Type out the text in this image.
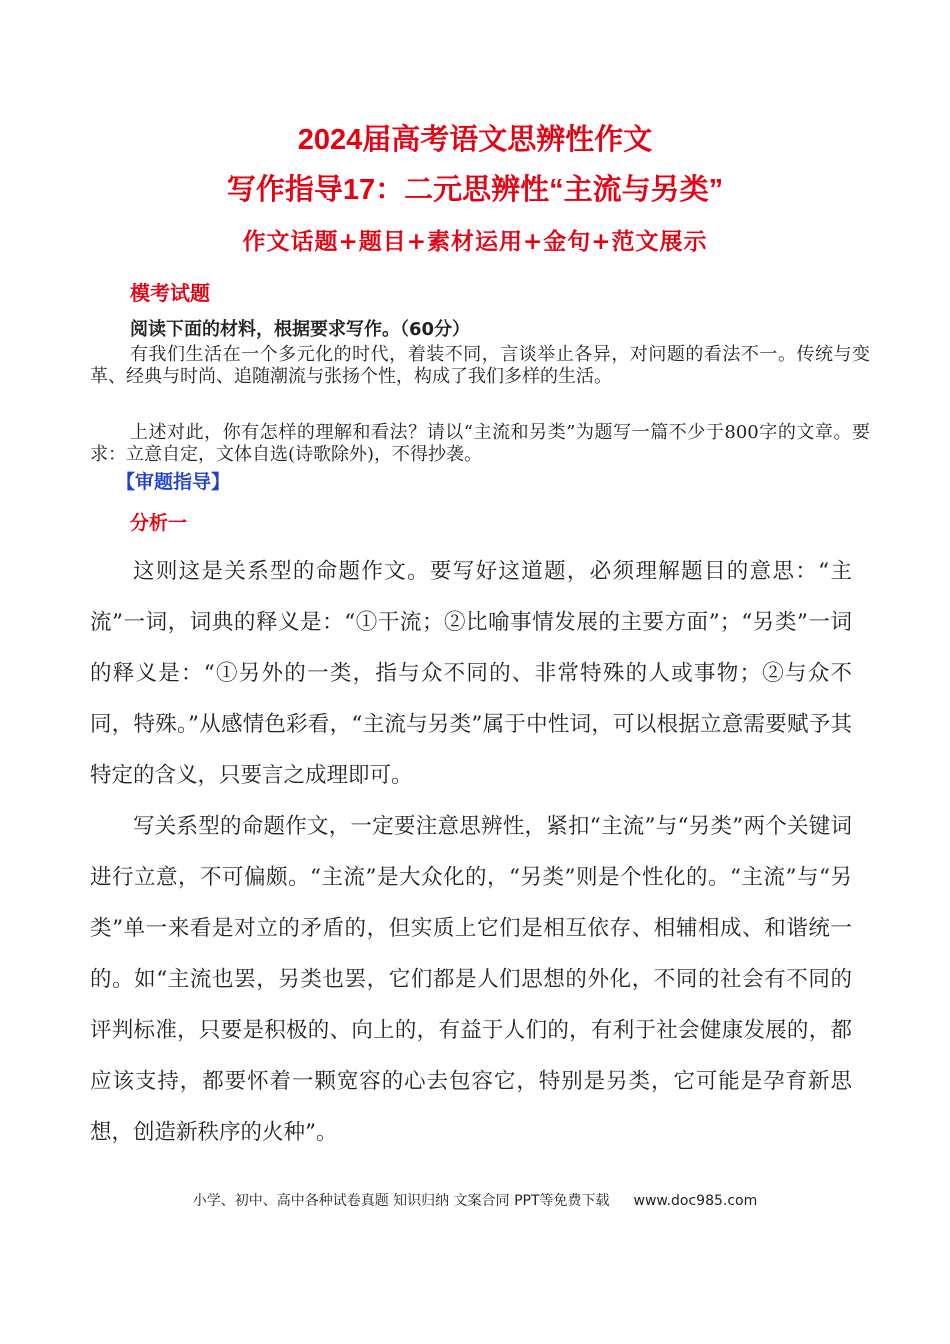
2024届高考语文思辨性作文
写作指导17：二元思辨性“主流与另类”
作文话题+题目+素材运用+金句+范文展示
模考试题
阅读下面的材料，根据要求写作。（60分）

有我们生活在一个多元化的时代，着装不同，言谈举止各异，对问题的看法不一。传统与变革、经典与时尚、追随潮流与张扬个性，构成了我们多样的生活。

上述对此，你有怎样的理解和看法？请以“主流和另类”为题写一篇不少于800字的文章。要求：立意自定，文体自选(诗歌除外)，不得抄袭。

【审题指导】
分析一

这则这是关系型的命题作文。要写好这道题，必须理解题目的意思：“主流”一词，词典的释义是：“①干流；②比喻事情发展的主要方面”；“另类”一词的释义是：“①另外的一类，指与众不同的、非常特殊的人或事物；②与众不同，特殊。”从感情色彩看，“主流与另类”属于中性词，可以根据立意需要赋予其特定的含义，只要言之成理即可。

写关系型的命题作文，一定要注意思辨性，紧扣“主流”与“另类”两个关键词进行立意，不可偏颇。“主流”是大众化的，“另类”则是个性化的。“主流”与“另类”单一来看是对立的矛盾的，但实质上它们是相互依存、相辅相成、和谐统一的。如“主流也罢，另类也罢，它们都是人们思想的外化，不同的社会有不同的评判标准，只要是积极的、向上的，有益于人们的，有利于社会健康发展的，都应该支持，都要怀着一颗宽容的心去包容它，特别是另类，它可能是孕育新思想，创造新秩序的火种”。

小学、初中、高中各种试卷真题 知识归纳 文案合同 PPT等免费下载 www.doc985.com
